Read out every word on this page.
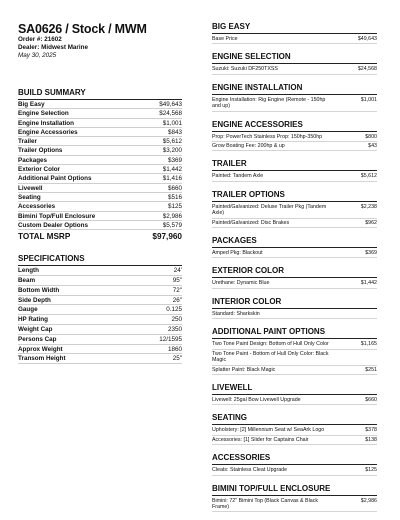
SA0626 / Stock / MWM
Order #: 21602
Dealer: Midwest Marine
May 30, 2025
BUILD SUMMARY
Big Easy	$49,643
Engine Selection	$24,568
Engine Installation	$1,001
Engine Accessories	$843
Trailer	$5,612
Trailer Options	$3,200
Packages	$369
Exterior Color	$1,442
Additional Paint Options	$1,416
Livewell	$660
Seating	$516
Accessories	$125
Bimini Top/Full Enclosure	$2,986
Custom Dealer Options	$5,579
TOTAL MSRP	$97,960
SPECIFICATIONS
Length	24'
Beam	95"
Bottom Width	72"
Side Depth	26"
Gauge	0.125
HP Rating	250
Weight Cap	2350
Persons Cap	12/1595
Approx Weight	1860
Transom Height	25"
BIG EASY
Base Price	$49,643
ENGINE SELECTION
Suzuki: Suzuki DF250TXSS	$24,568
ENGINE INSTALLATION
Engine Installation: Rig Engine (Remote - 150hp and up)
$1,001
ENGINE ACCESSORIES
Prop: PowerTech Stainless Prop: 150hp-350hp	$800
Grow Boating Fee: 200hp & up	$43
TRAILER
Painted: Tandem Axle	$5,612
TRAILER OPTIONS
Painted/Galvanized: Deluxe Trailer Pkg (Tandem Axle)
$2,238
Painted/Galvanized: Disc Brakes	$962
PACKAGES
Amped Pkg: Blackout	$369
EXTERIOR COLOR
Urethane: Dynamic Blue	$1,442
INTERIOR COLOR
Standard: Sharkskin
ADDITIONAL PAINT OPTIONS
Two Tone Paint Design: Bottom of Hull Only Color	$1,165
Two Tone Paint - Bottom of Hull Only Color: Black Magic
Splatter Paint: Black Magic	$251
LIVEWELL
Livewell: 25gal Bow Livewell Upgrade	$660
SEATING
Upholstery: [2] Millennium Seat w/ SeaArk Logo	$378
Accessories: [1] Slider for Captains Chair	$138
ACCESSORIES
Cleats: Stainless Cleat Upgrade	$125
BIMINI TOP/FULL ENCLOSURE
Bimini: 72" Bimini Top (Black Canvas & Black Frame)
$2,986
